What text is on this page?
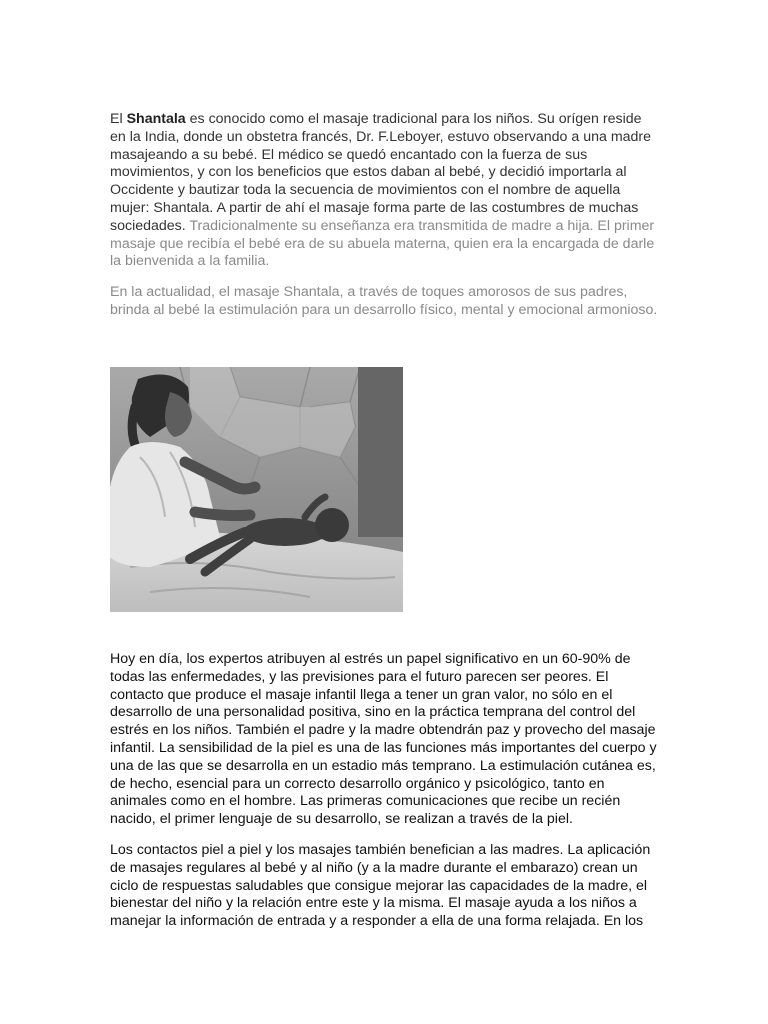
El Shantala es conocido como el masaje tradicional para los niños. Su orígen reside en la India, donde un obstetra francés, Dr. F.Leboyer, estuvo observando a una madre masajeando a su bebé. El médico se quedó encantado con la fuerza de sus movimientos, y con los beneficios que estos daban al bebé, y decidió importarla al Occidente y bautizar toda la secuencia de movimientos con el nombre de aquella mujer: Shantala. A partir de ahí el masaje forma parte de las costumbres de muchas sociedades. Tradicionalmente su enseñanza era transmitida de madre a hija. El primer masaje que recibía el bebé era de su abuela materna, quien era la encargada de darle la bienvenida a la familia.

En la actualidad, el masaje Shantala, a través de toques amorosos de sus padres, brinda al bebé la estimulación para un desarrollo físico, mental y emocional armonioso.

Hoy en día, los expertos atribuyen al estrés un papel significativo en un 60-90% de todas las enfermedades, y las previsiones para el futuro parecen ser peores. El contacto que produce el masaje infantil llega a tener un gran valor, no sólo en el desarrollo de una personalidad positiva, sino en la práctica temprana del control del estrés en los niños. También el padre y la madre obtendrán paz y provecho del masaje infantil. La sensibilidad de la piel es una de las funciones más importantes del cuerpo y una de las que se desarrolla en un estadio más temprano. La estimulación cutánea es, de hecho, esencial para un correcto desarrollo orgánico y psicológico, tanto en animales como en el hombre. Las primeras comunicaciones que recibe un recién nacido, el primer lenguaje de su desarrollo, se realizan a través de la piel.

Los contactos piel a piel y los masajes también benefician a las madres. La aplicación de masajes regulares al bebé y al niño (y a la madre durante el embarazo) crean un ciclo de respuestas saludables que consigue mejorar las capacidades de la madre, el bienestar del niño y la relación entre este y la misma. El masaje ayuda a los niños a manejar la información de entrada y a responder a ella de una forma relajada. En los
